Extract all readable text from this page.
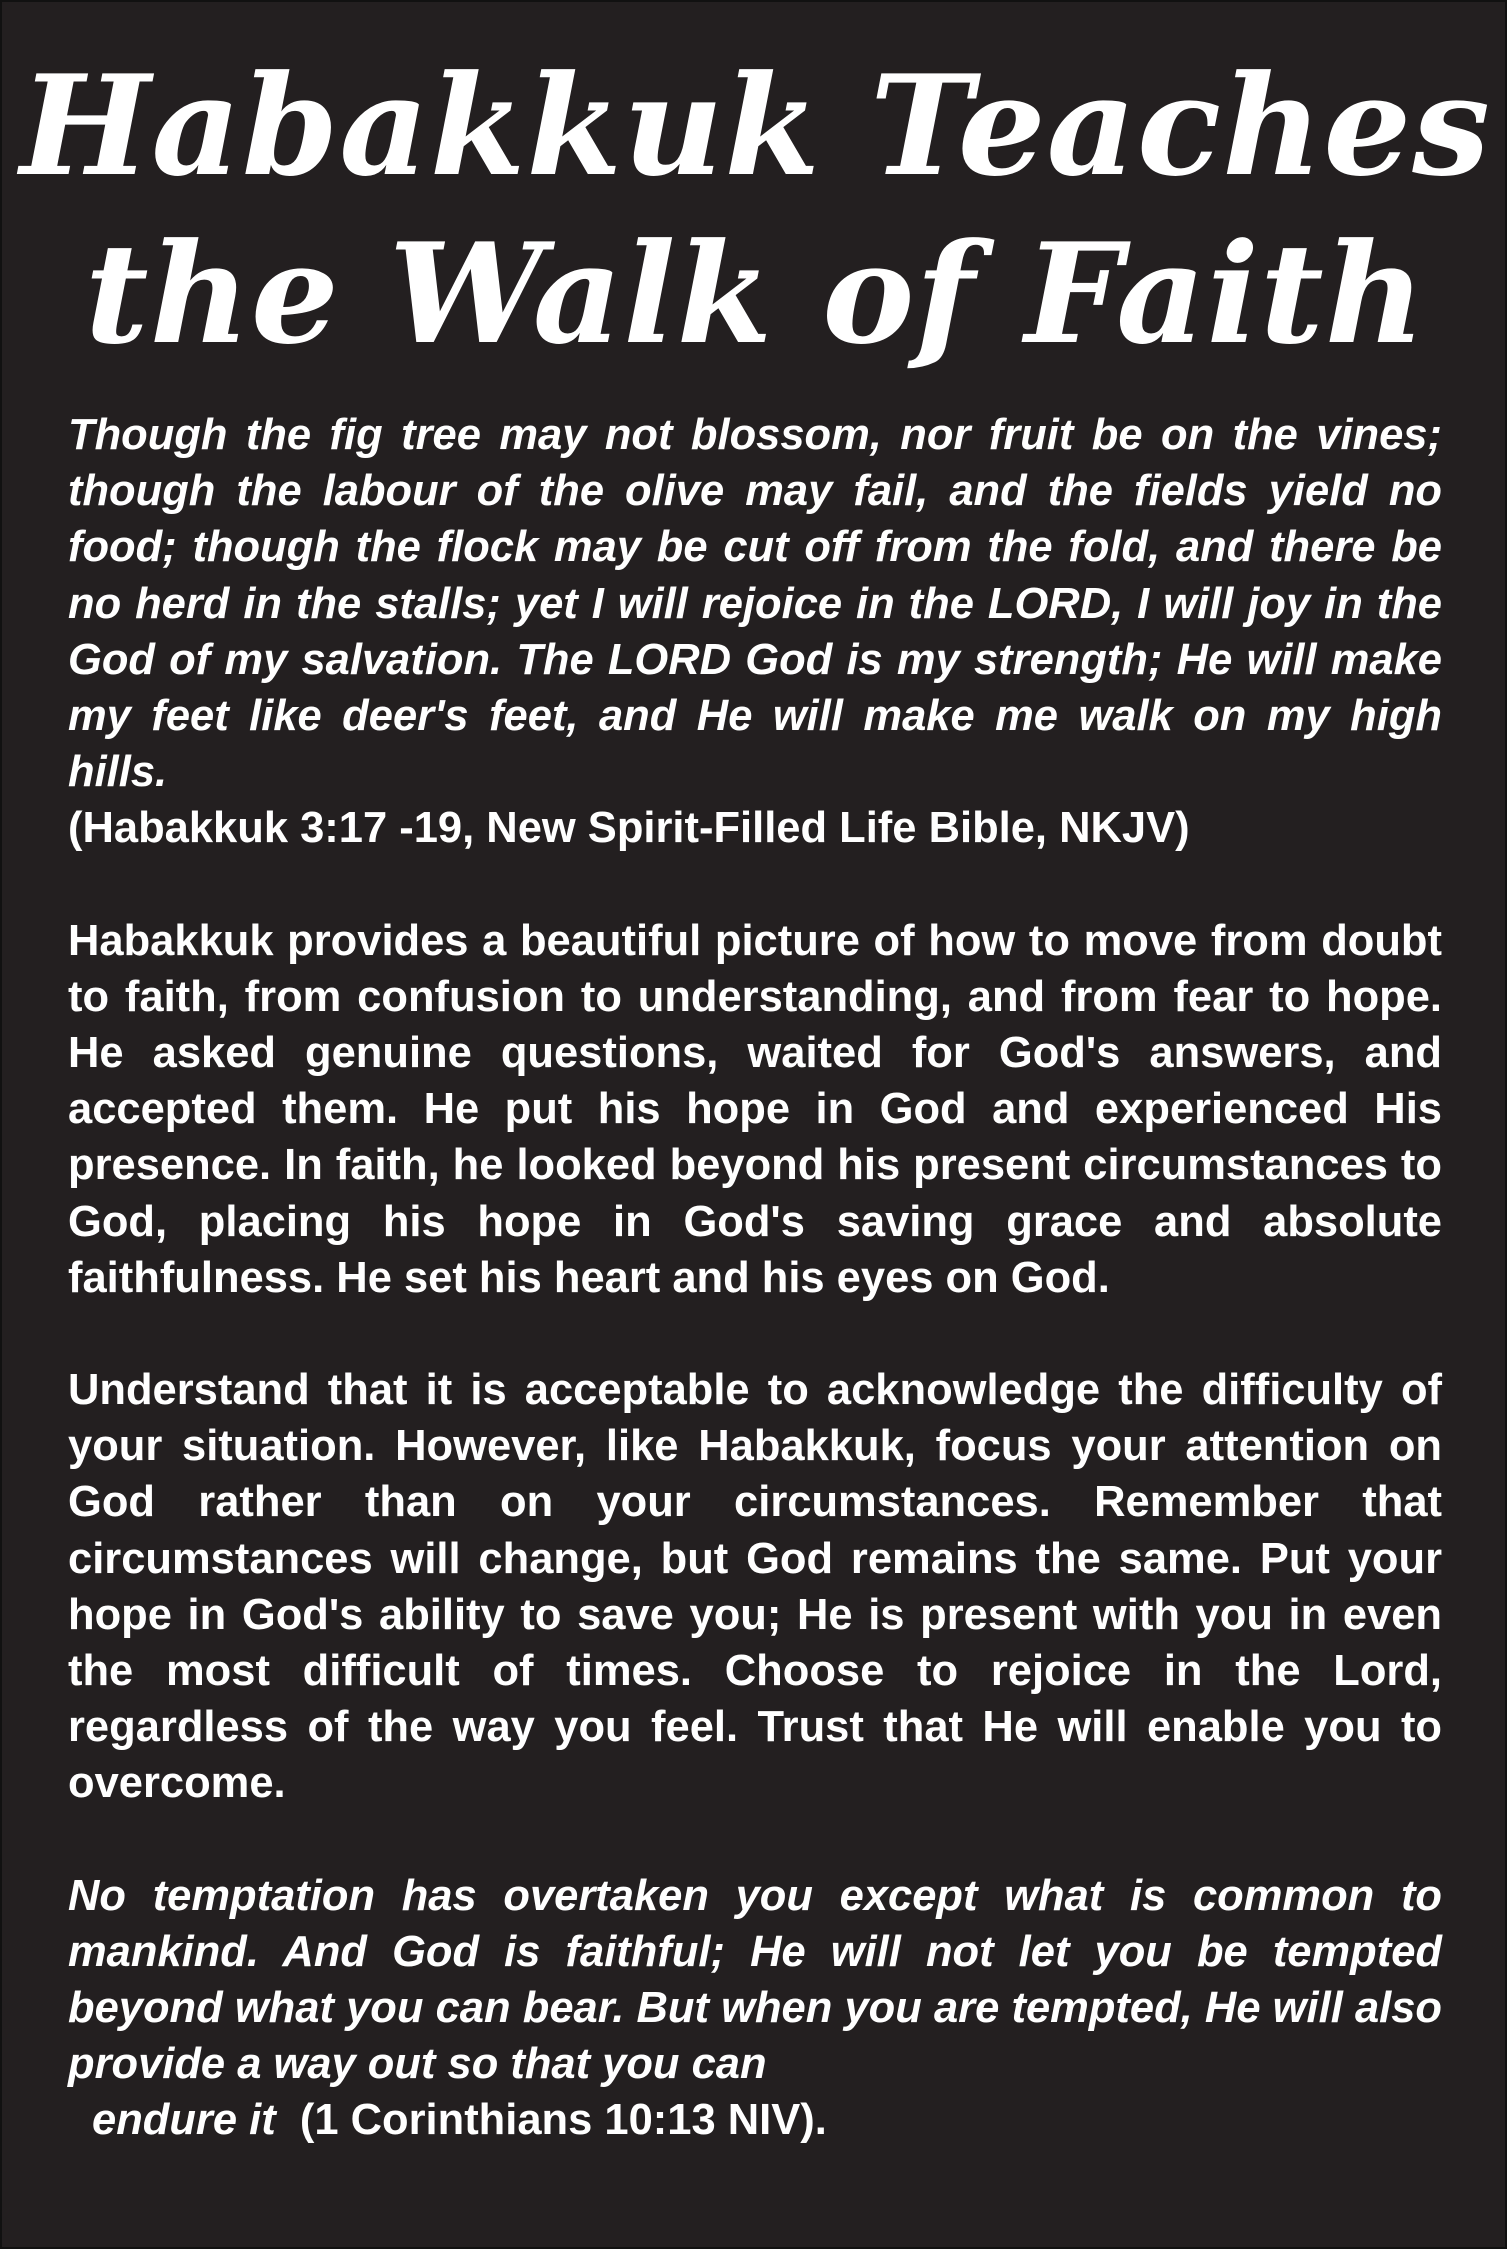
Habakkuk Teaches
the Walk of Faith

Though the fig tree may not blossom, nor fruit be on the vines; though the labour of the olive may fail, and the fields yield no food; though the flock may be cut off from the fold, and there be no herd in the stalls; yet I will rejoice in the LORD, I will joy in the God of my salvation. The LORD God is my strength; He will make my feet like deer's feet, and He will make me walk on my high hills.

(Habakkuk 3:17 -19, New Spirit-Filled Life Bible, NKJV)

Habakkuk provides a beautiful picture of how to move from doubt to faith, from confusion to understanding, and from fear to hope. He asked genuine questions, waited for God's answers, and accepted them. He put his hope in God and experienced His presence. In faith, he looked beyond his present circumstances to God, placing his hope in God's saving grace and absolute faithfulness. He set his heart and his eyes on God.

Understand that it is acceptable to acknowledge the difficulty of your situation. However, like Habakkuk, focus your attention on God rather than on your circumstances. Remember that circumstances will change, but God remains the same. Put your hope in God's ability to save you; He is present with you in even the most difficult of times. Choose to rejoice in the Lord, regardless of the way you feel. Trust that He will enable you to overcome.

No temptation has overtaken you except what is common to mankind. And God is faithful; He will not let you be tempted beyond what you can bear. But when you are tempted, He will also provide a way out so that you can

endure it (1 Corinthians 10:13 NIV).
